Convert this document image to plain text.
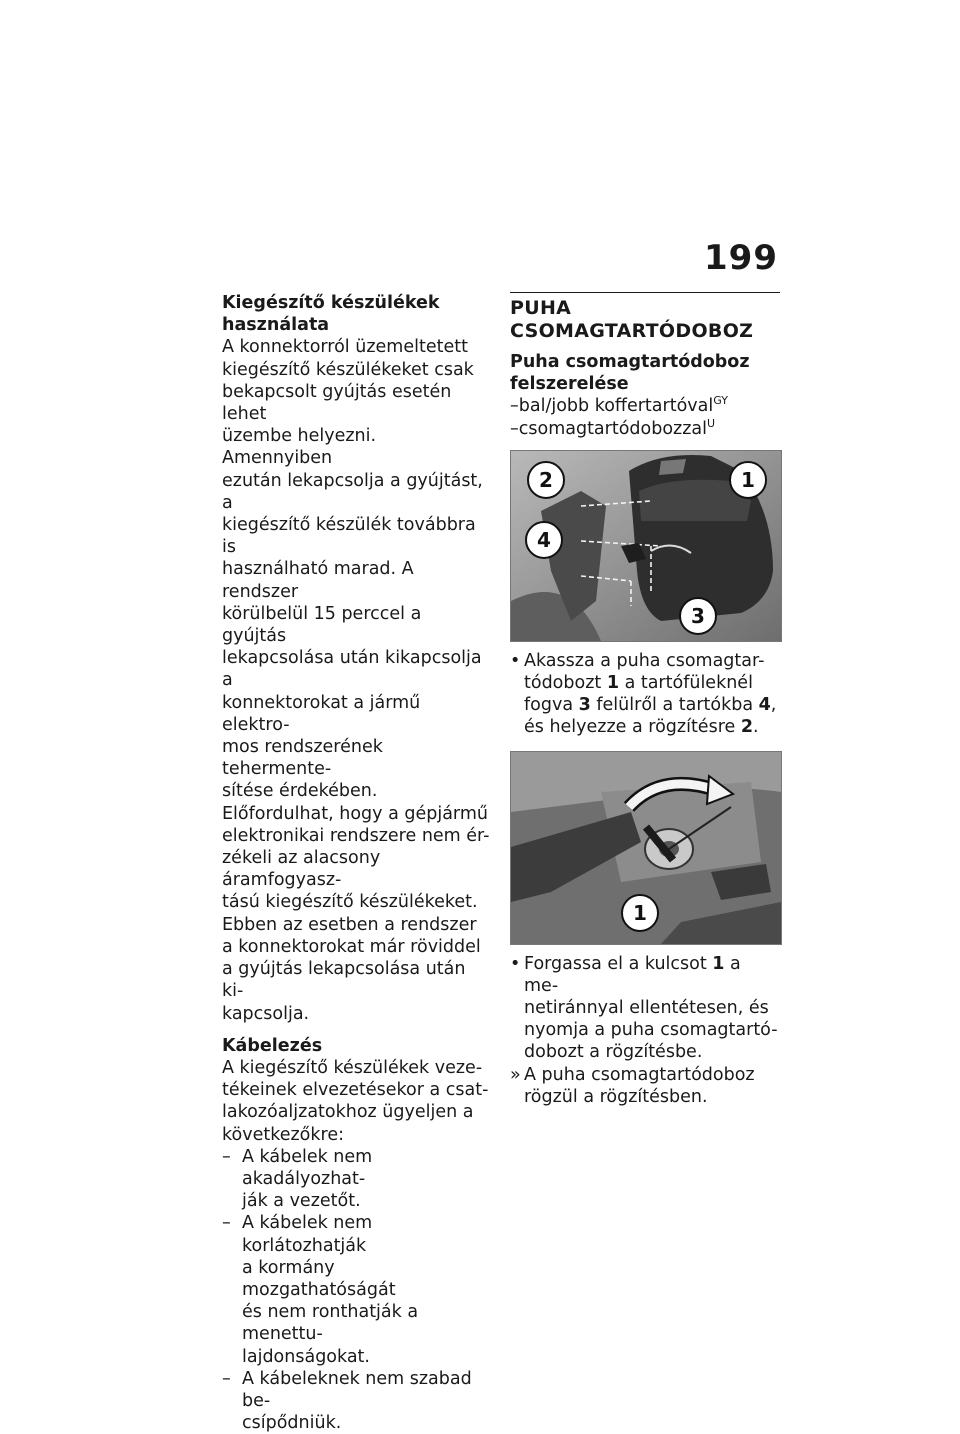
199

Kiegészítő készülékek
használata

A konnektorról üzemeltetett
kiegészítő készülékeket csak
bekapcsolt gyújtás esetén lehet
üzembe helyezni. Amennyiben
ezután lekapcsolja a gyújtást, a
kiegészítő készülék továbbra is
használható marad. A rendszer
körülbelül 15 perccel a gyújtás
lekapcsolása után kikapcsolja a
konnektorokat a jármű elektro-
mos rendszerének tehermente-
sítése érdekében.

Előfordulhat, hogy a gépjármű
elektronikai rendszere nem ér-
zékeli az alacsony áramfogyasz-
tású kiegészítő készülékeket.
Ebben az esetben a rendszer
a konnektorokat már röviddel
a gyújtás lekapcsolása után ki-
kapcsolja.

Kábelezés

A kiegészítő készülékek veze-
tékeinek elvezetésekor a csat-
lakozóaljzatokhoz ügyeljen a
következőkre:

– A kábelek nem akadályozhat-
ják a vezetőt.

– A kábelek nem korlátozhatják
a kormány mozgathatóságát
és nem ronthatják a menettu-
lajdonságokat.

– A kábeleknek nem szabad be-
csípődniük.

PUHA
CSOMAGTARTÓDOBOZ

Puha csomagtartódoboz
felszerelése

–bal/jobb koffertartóval$^{GY}$

–csomagtartódobozzal$^U$

2	1
4
3

• Akassza a puha csomagtar-
tódobozt 1 a tartófüleknél
fogva 3 felülről a tartókba 4,
és helyezze a rögzítésre 2.

1

• Forgassa el a kulcsot 1 a me-
netiránnyal ellentétesen, és
nyomja a puha csomagtartó-
dobozt a rögzítésbe.

» A puha csomagtartódoboz
rögzül a rögzítésben.
